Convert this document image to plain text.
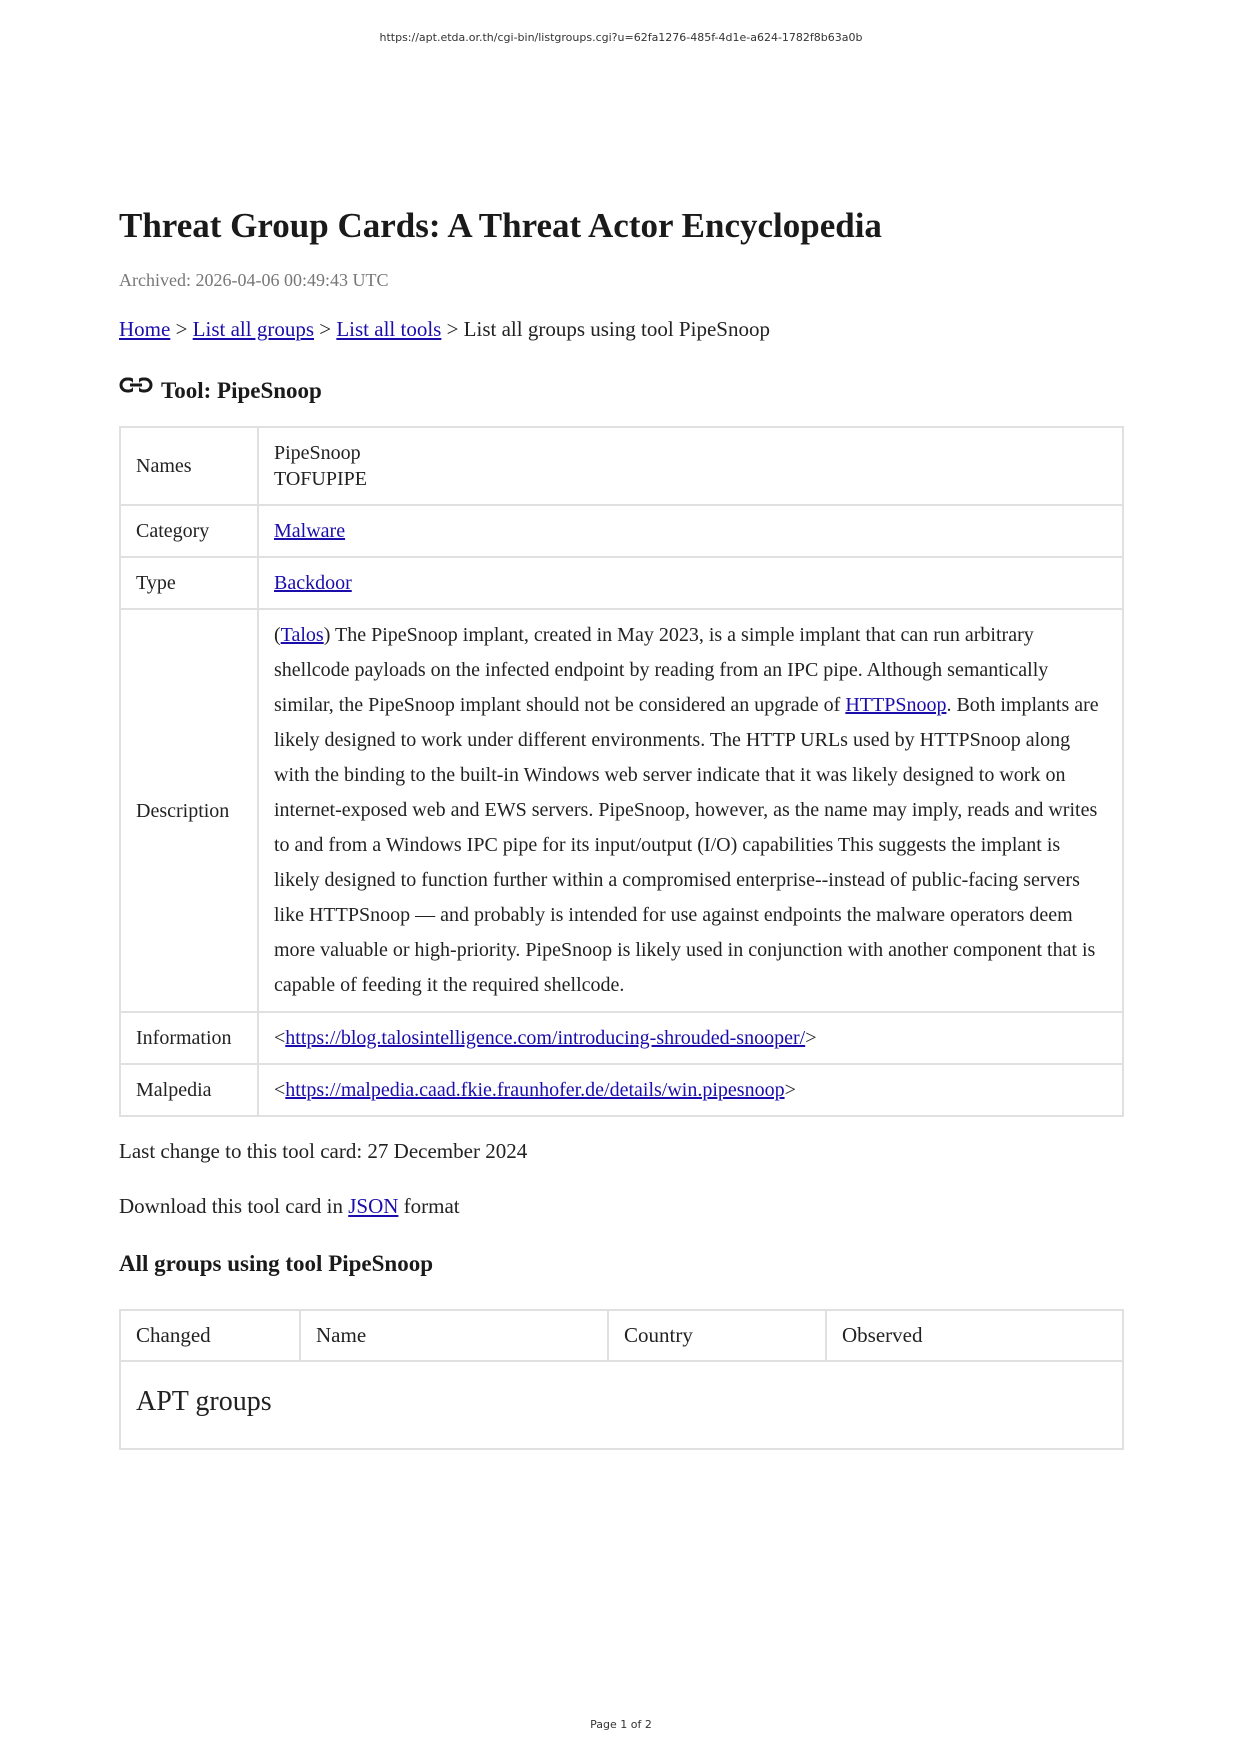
https://apt.etda.or.th/cgi-bin/listgroups.cgi?u=62fa1276-485f-4d1e-a624-1782f8b63a0b
Threat Group Cards: A Threat Actor Encyclopedia
Archived: 2026-04-06 00:49:43 UTC
Home > List all groups > List all tools > List all groups using tool PipeSnoop
Tool: PipeSnoop
Names	PipeSnoop
TOFUPIPE

Category	Malware
Type	Backdoor
Description	(Talos) The PipeSnoop implant, created in May 2023, is a simple implant that can run arbitrary shellcode payloads on the infected endpoint by reading from an IPC pipe. Although semantically similar, the PipeSnoop implant should not be considered an upgrade of HTTPSnoop. Both implants are likely designed to work under different environments. The HTTP URLs used by HTTPSnoop along with the binding to the built-in Windows web server indicate that it was likely designed to work on internet-exposed web and EWS servers. PipeSnoop, however, as the name may imply, reads and writes to and from a Windows IPC pipe for its input/output (I/O) capabilities This suggests the implant is likely designed to function further within a compromised enterprise--instead of public-facing servers like HTTPSnoop — and probably is intended for use against endpoints the malware operators deem more valuable or high-priority. PipeSnoop is likely used in conjunction with another component that is capable of feeding it the required shellcode.
Information	<https://blog.talosintelligence.com/introducing-shrouded-snooper/>
Malpedia	<https://malpedia.caad.fkie.fraunhofer.de/details/win.pipesnoop>
Last change to this tool card: 27 December 2024
Download this tool card in JSON format
All groups using tool PipeSnoop
Changed	Name	Country	Observed
APT groups
Page 1 of 2
